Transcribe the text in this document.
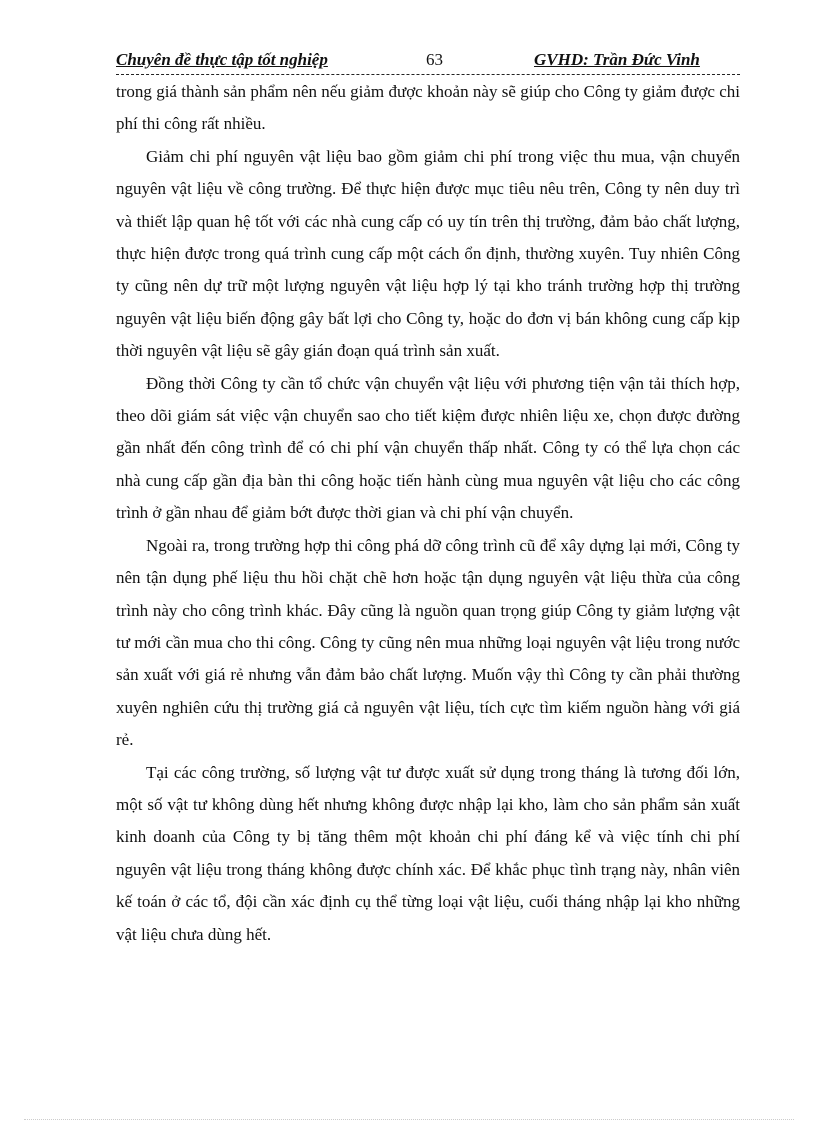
Chuyên đề thực tập tốt nghiệp	63	GVHD: Trần Đức Vinh

trong giá thành sản phẩm nên nếu giảm được khoản này sẽ giúp cho Công ty giảm được chi phí thi công rất nhiều.

Giảm chi phí nguyên vật liệu bao gồm giảm chi phí trong việc thu mua, vận chuyển nguyên vật liệu về công trường. Để thực hiện được mục tiêu nêu trên, Công ty nên duy trì và thiết lập quan hệ tốt với các nhà cung cấp có uy tín trên thị trường, đảm bảo chất lượng, thực hiện được trong quá trình cung cấp một cách ổn định, thường xuyên. Tuy nhiên Công ty cũng nên dự trữ một lượng nguyên vật liệu hợp lý tại kho tránh trường hợp thị trường nguyên vật liệu biến động gây bất lợi cho Công ty, hoặc do đơn vị bán không cung cấp kịp thời nguyên vật liệu sẽ gây gián đoạn quá trình sản xuất.

Đồng thời Công ty cần tổ chức vận chuyển vật liệu với phương tiện vận tải thích hợp, theo dõi giám sát việc vận chuyển sao cho tiết kiệm được nhiên liệu xe, chọn được đường gần nhất đến công trình để có chi phí vận chuyển thấp nhất. Công ty có thể lựa chọn các nhà cung cấp gần địa bàn thi công hoặc tiến hành cùng mua nguyên vật liệu cho các công trình ở gần nhau để giảm bớt được thời gian và chi phí vận chuyển.

Ngoài ra, trong trường hợp thi công phá dỡ công trình cũ để xây dựng lại mới, Công ty nên tận dụng phế liệu thu hồi chặt chẽ hơn hoặc tận dụng nguyên vật liệu thừa của công trình này cho công trình khác. Đây cũng là nguồn quan trọng giúp Công ty giảm lượng vật tư mới cần mua cho thi công. Công ty cũng nên mua những loại nguyên vật liệu trong nước sản xuất với giá rẻ nhưng vẫn đảm bảo chất lượng. Muốn vậy thì Công ty cần phải thường xuyên nghiên cứu thị trường giá cả nguyên vật liệu, tích cực tìm kiếm nguồn hàng với giá rẻ.

Tại các công trường, số lượng vật tư được xuất sử dụng trong tháng là tương đối lớn, một số vật tư không dùng hết nhưng không được nhập lại kho, làm cho sản phẩm sản xuất kinh doanh của Công ty bị tăng thêm một khoản chi phí đáng kể và việc tính chi phí nguyên vật liệu trong tháng không được chính xác. Để khắc phục tình trạng này, nhân viên kế toán ở các tổ, đội cần xác định cụ thể từng loại vật liệu, cuối tháng nhập lại kho những vật liệu chưa dùng hết.
